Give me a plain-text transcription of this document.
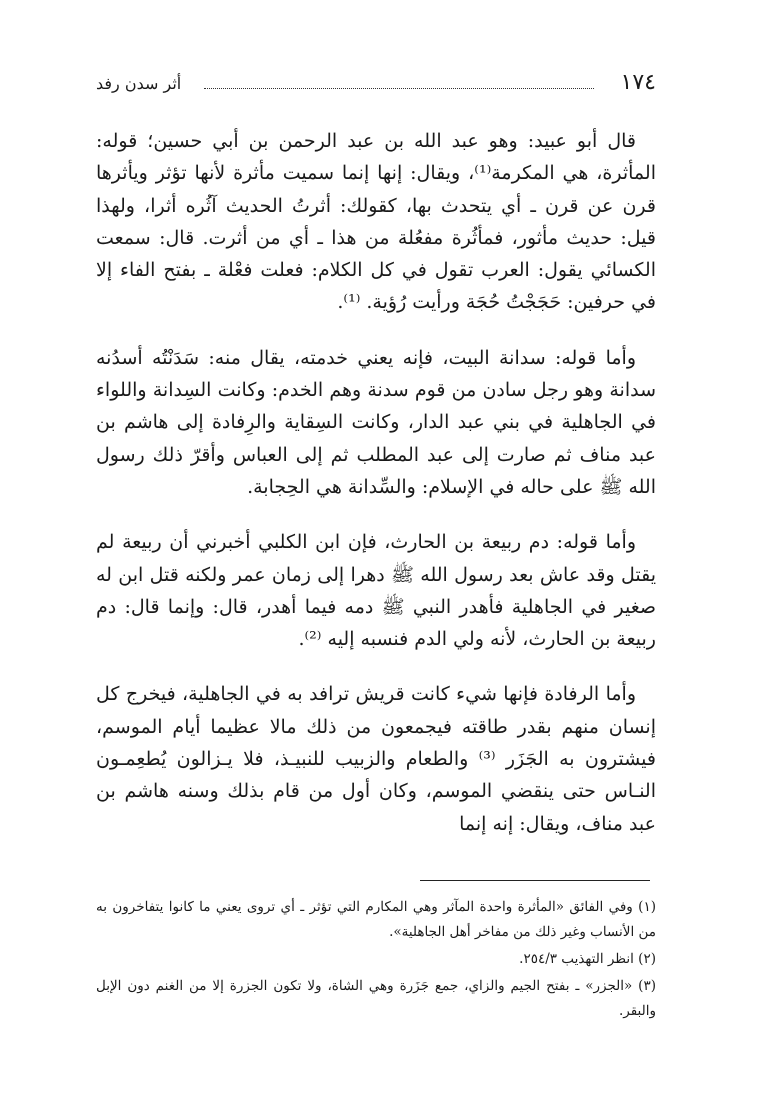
١٧٤
أثر سدن رفد

قال أبو عبيد: وهو عبد الله بن عبد الرحمن بن أبي حسين؛ قوله: المأثرة، هي المكرمة⁽¹⁾، ويقال: إنها إنما سميت مأثرة لأنها تؤثر ويأثرها قرن عن قرن ـ أي يتحدث بها، كقولك: أثرتُ الحديث آثُره أثرا، ولهذا قيل: حديث مأثور، فمأثُرة مفعُلة من هذا ـ أي من أثرت. قال: سمعت الكسائي يقول: العرب تقول في كل الكلام: فعلت فعْلة ـ بفتح الفاء إلا في حرفين: حَجَجْتُ حُجَة ورأيت رُؤية. ⁽¹⁾.

وأما قوله: سدانة البيت، فإنه يعني خدمته، يقال منه: سَدَنْتُه أسدُنه سدانة وهو رجل سادن من قوم سدنة وهم الخدم: وكانت السِدانة واللواء في الجاهلية في بني عبد الدار، وكانت السِقاية والرِفادة إلى هاشم بن عبد مناف ثم صارت إلى عبد المطلب ثم إلى العباس وأقرّ ذلك رسول الله ﷺ على حاله في الإسلام: والسِّدانة هي الحِجابة.

وأما قوله: دم ربيعة بن الحارث، فإن ابن الكلبي أخبرني أن ربيعة لم يقتل وقد عاش بعد رسول الله ﷺ دهرا إلى زمان عمر ولكنه قتل ابن له صغير في الجاهلية فأهدر النبي ﷺ دمه فيما أهدر، قال: وإنما قال: دم ربيعة بن الحارث، لأنه ولي الدم فنسبه إليه ⁽²⁾.

وأما الرفادة فإنها شيء كانت قريش ترافد به في الجاهلية، فيخرج كل إنسان منهم بقدر طاقته فيجمعون من ذلك مالا عظيما أيام الموسم، فيشترون به الجَزَر ⁽³⁾ والطعام والزبيب للنبيـذ، فلا يـزالون يُطعِمـون النـاس حتى ينقضي الموسم، وكان أول من قام بذلك وسنه هاشم بن عبد مناف، ويقال: إنه إنما

(١) وفي الفائق «المأثرة واحدة المآثر وهي المكارم التي تؤثر ـ أي تروى يعني ما كانوا يتفاخرون به من الأنساب وغير ذلك من مفاخر أهل الجاهلية».

(٢) انظر التهذيب ٢٥٤/٣.

(٣) «الجزر» ـ بفتح الجيم والزاي، جمع جَزَرة وهي الشاة، ولا تكون الجزرة إلا من الغنم دون الإبل والبقر.
